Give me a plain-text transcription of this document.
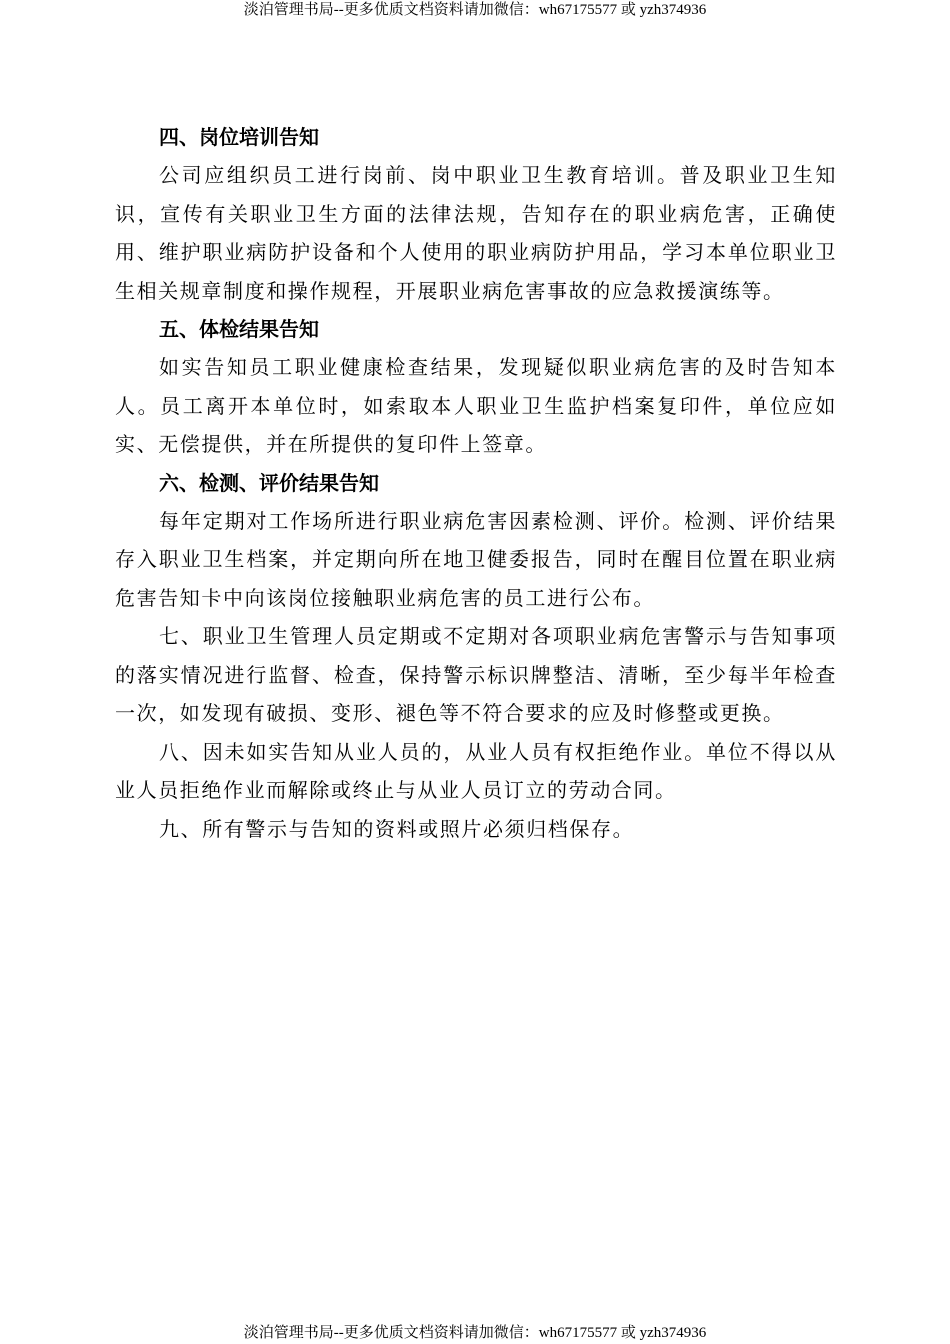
淡泊管理书局--更多优质文档资料请加微信：wh67175577 或 yzh374936

四、岗位培训告知

公司应组织员工进行岗前、岗中职业卫生教育培训。普及职业卫生知识，宣传有关职业卫生方面的法律法规，告知存在的职业病危害，正确使用、维护职业病防护设备和个人使用的职业病防护用品，学习本单位职业卫生相关规章制度和操作规程，开展职业病危害事故的应急救援演练等。

五、体检结果告知

如实告知员工职业健康检查结果，发现疑似职业病危害的及时告知本人。员工离开本单位时，如索取本人职业卫生监护档案复印件，单位应如实、无偿提供，并在所提供的复印件上签章。

六、检测、评价结果告知

每年定期对工作场所进行职业病危害因素检测、评价。检测、评价结果存入职业卫生档案，并定期向所在地卫健委报告，同时在醒目位置在职业病危害告知卡中向该岗位接触职业病危害的员工进行公布。

七、职业卫生管理人员定期或不定期对各项职业病危害警示与告知事项的落实情况进行监督、检查，保持警示标识牌整洁、清晰，至少每半年检查一次，如发现有破损、变形、褪色等不符合要求的应及时修整或更换。

八、因未如实告知从业人员的，从业人员有权拒绝作业。单位不得以从业人员拒绝作业而解除或终止与从业人员订立的劳动合同。

九、所有警示与告知的资料或照片必须归档保存。

淡泊管理书局--更多优质文档资料请加微信：wh67175577 或 yzh374936
